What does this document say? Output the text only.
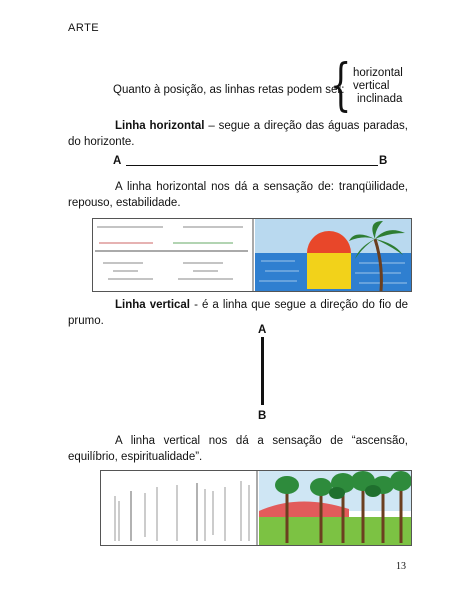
ARTE
Quanto à posição, as linhas retas podem ser:
{ horizontal
vertical
inclinada
Linha horizontal – segue a direção das águas paradas, do horizonte.
A	B
A linha horizontal nos dá a sensação de: tranqüilidade, repouso, estabilidade.
Linha vertical - é a linha que segue a direção do fio de prumo.
A
B
A linha vertical nos dá a sensação de “ascensão, equilíbrio, espiritualidade”.
13
